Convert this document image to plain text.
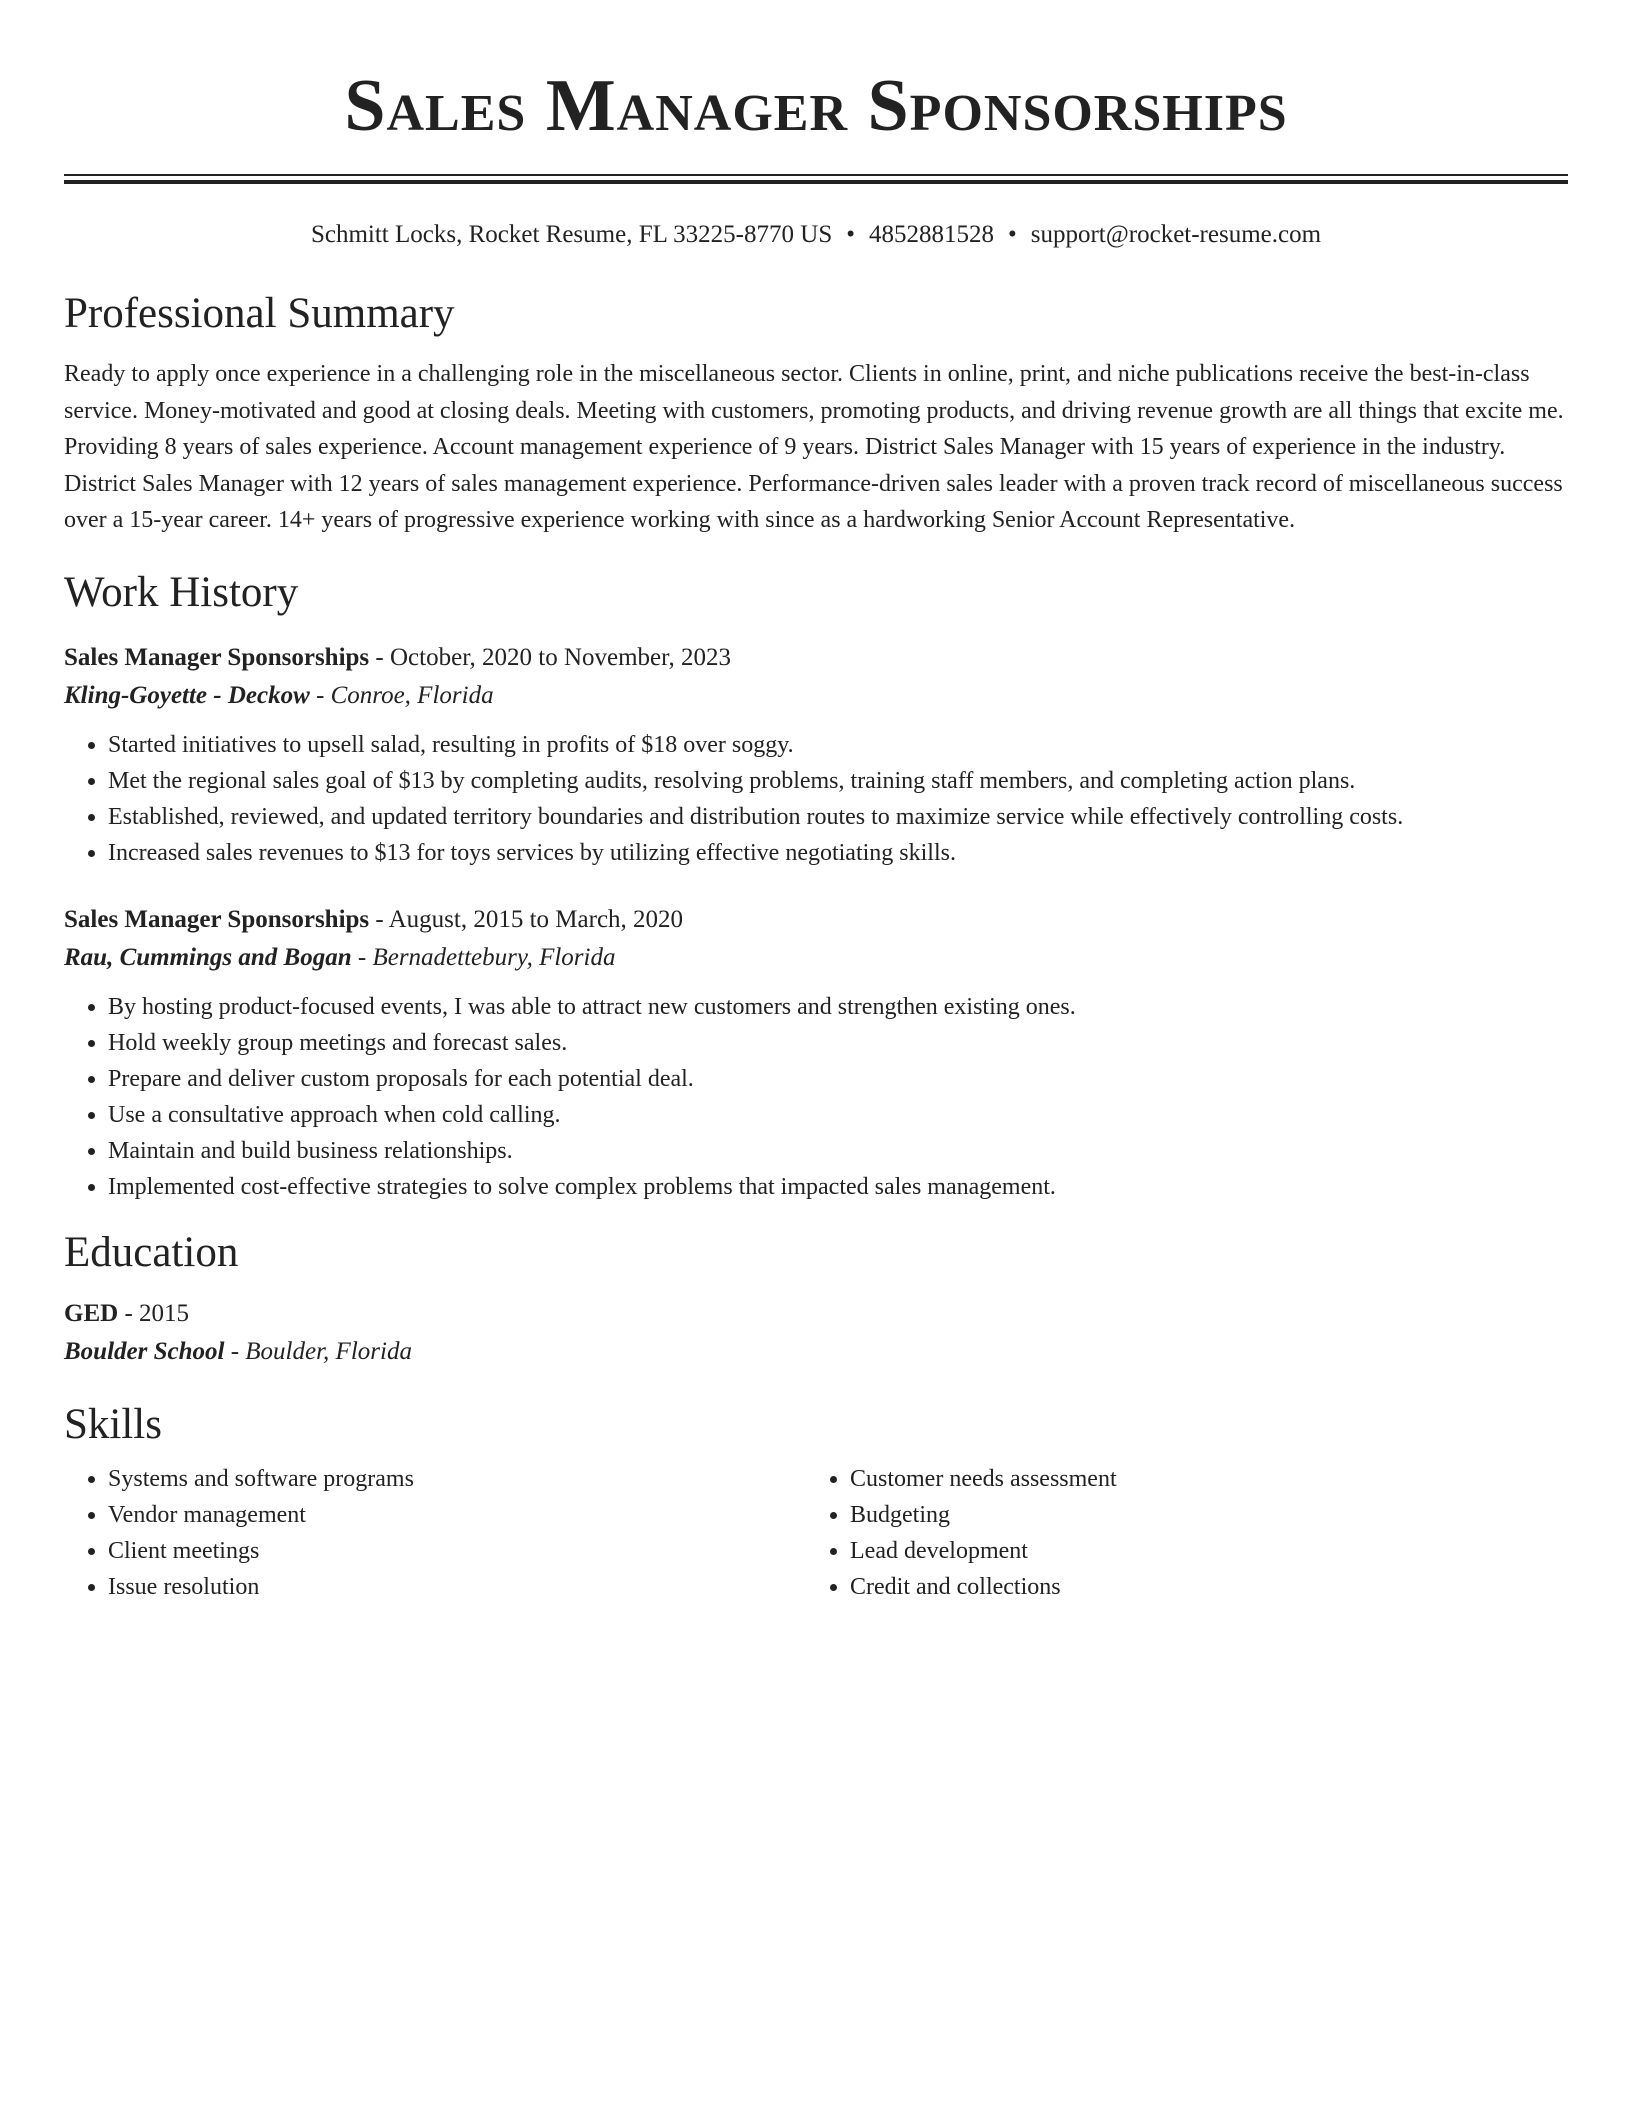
Sales Manager Sponsorships
Schmitt Locks, Rocket Resume, FL 33225-8770 US • 4852881528 • support@rocket-resume.com
Professional Summary
Ready to apply once experience in a challenging role in the miscellaneous sector. Clients in online, print, and niche publications receive the best-in-class service. Money-motivated and good at closing deals. Meeting with customers, promoting products, and driving revenue growth are all things that excite me. Providing 8 years of sales experience. Account management experience of 9 years. District Sales Manager with 15 years of experience in the industry. District Sales Manager with 12 years of sales management experience. Performance-driven sales leader with a proven track record of miscellaneous success over a 15-year career. 14+ years of progressive experience working with since as a hardworking Senior Account Representative.
Work History
Sales Manager Sponsorships - October, 2020 to November, 2023
Kling-Goyette - Deckow - Conroe, Florida
• Started initiatives to upsell salad, resulting in profits of $18 over soggy.
• Met the regional sales goal of $13 by completing audits, resolving problems, training staff members, and completing action plans.
• Established, reviewed, and updated territory boundaries and distribution routes to maximize service while effectively controlling costs.
• Increased sales revenues to $13 for toys services by utilizing effective negotiating skills.
Sales Manager Sponsorships - August, 2015 to March, 2020
Rau, Cummings and Bogan - Bernadettebury, Florida
• By hosting product-focused events, I was able to attract new customers and strengthen existing ones.
• Hold weekly group meetings and forecast sales.
• Prepare and deliver custom proposals for each potential deal.
• Use a consultative approach when cold calling.
• Maintain and build business relationships.
• Implemented cost-effective strategies to solve complex problems that impacted sales management.
Education
GED - 2015
Boulder School - Boulder, Florida
Skills
• Systems and software programs
• Vendor management
• Client meetings
• Issue resolution
• Customer needs assessment
• Budgeting
• Lead development
• Credit and collections
